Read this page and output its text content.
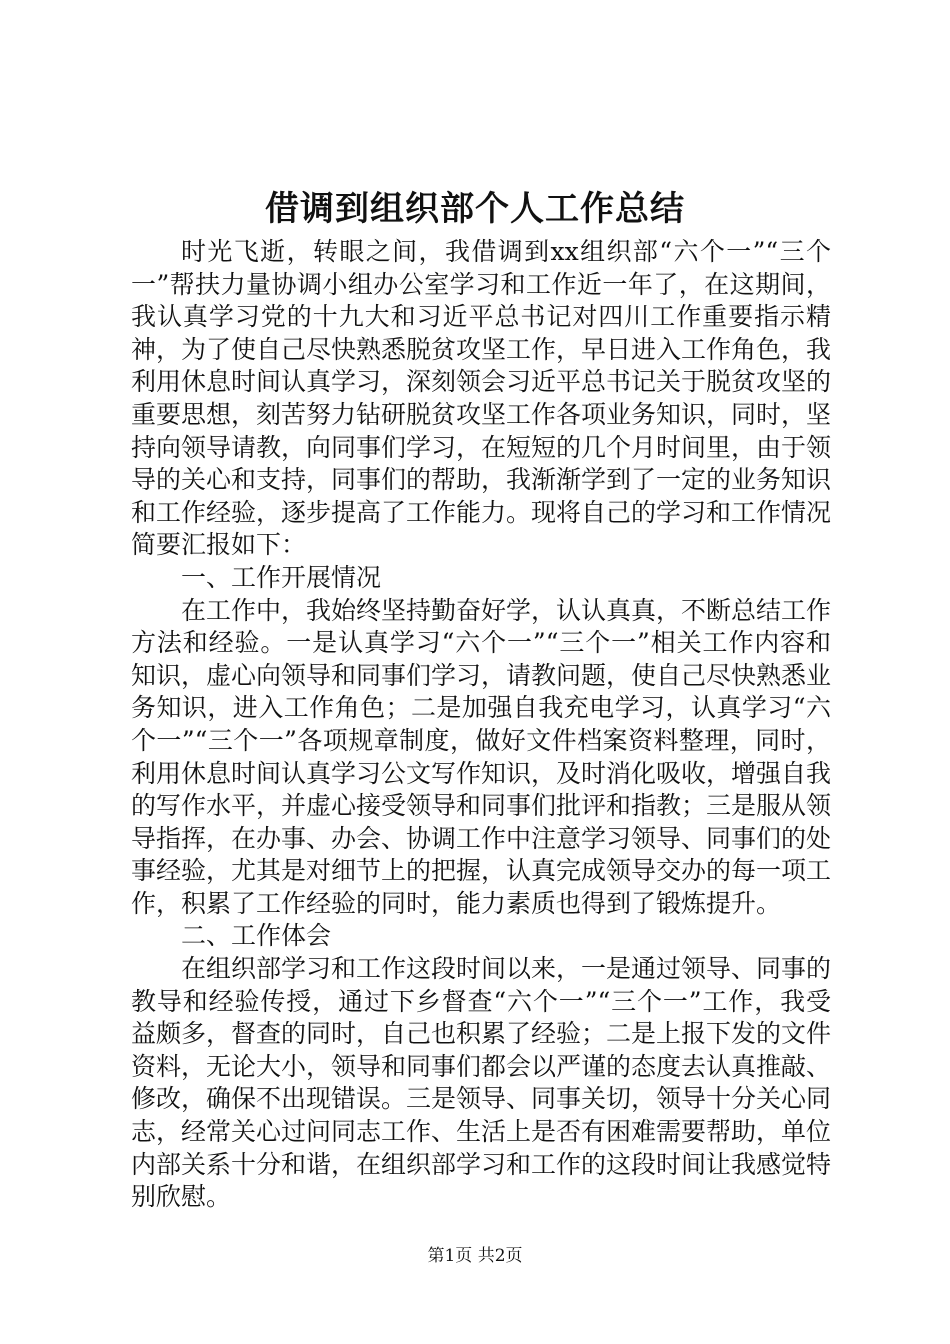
借调到组织部个人工作总结

时光飞逝，转眼之间，我借调到xx组织部“六个一”“三个一”帮扶力量协调小组办公室学习和工作近一年了，在这期间，我认真学习党的十九大和习近平总书记对四川工作重要指示精神，为了使自己尽快熟悉脱贫攻坚工作，早日进入工作角色，我利用休息时间认真学习，深刻领会习近平总书记关于脱贫攻坚的重要思想，刻苦努力钻研脱贫攻坚工作各项业务知识，同时，坚持向领导请教，向同事们学习，在短短的几个月时间里，由于领导的关心和支持，同事们的帮助，我渐渐学到了一定的业务知识和工作经验，逐步提高了工作能力。现将自己的学习和工作情况简要汇报如下：

一、工作开展情况

在工作中，我始终坚持勤奋好学，认认真真，不断总结工作方法和经验。一是认真学习“六个一”“三个一”相关工作内容和知识，虚心向领导和同事们学习，请教问题，使自己尽快熟悉业务知识，进入工作角色；二是加强自我充电学习，认真学习“六个一”“三个一”各项规章制度，做好文件档案资料整理，同时，利用休息时间认真学习公文写作知识，及时消化吸收，增强自我的写作水平，并虚心接受领导和同事们批评和指教；三是服从领导指挥，在办事、办会、协调工作中注意学习领导、同事们的处事经验，尤其是对细节上的把握，认真完成领导交办的每一项工作，积累了工作经验的同时，能力素质也得到了锻炼提升。

二、工作体会

在组织部学习和工作这段时间以来，一是通过领导、同事的教导和经验传授，通过下乡督查“六个一”“三个一”工作，我受益颇多，督查的同时，自己也积累了经验；二是上报下发的文件资料，无论大小，领导和同事们都会以严谨的态度去认真推敲、修改，确保不出现错误。三是领导、同事关切，领导十分关心同志，经常关心过问同志工作、生活上是否有困难需要帮助，单位内部关系十分和谐，在组织部学习和工作的这段时间让我感觉特别欣慰。

第1页 共2页
